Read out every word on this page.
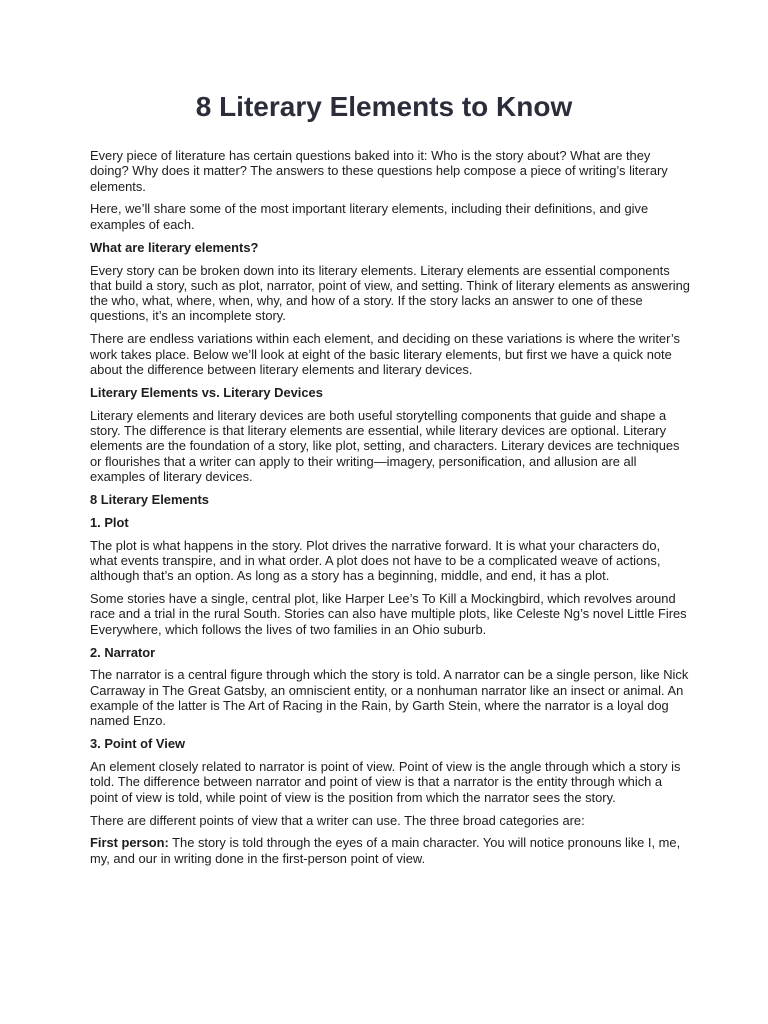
8 Literary Elements to Know

Every piece of literature has certain questions baked into it: Who is the story about? What are they doing? Why does it matter? The answers to these questions help compose a piece of writing’s literary elements.

Here, we’ll share some of the most important literary elements, including their definitions, and give examples of each.

What are literary elements?

Every story can be broken down into its literary elements. Literary elements are essential components that build a story, such as plot, narrator, point of view, and setting. Think of literary elements as answering the who, what, where, when, why, and how of a story. If the story lacks an answer to one of these questions, it’s an incomplete story.

There are endless variations within each element, and deciding on these variations is where the writer’s work takes place. Below we’ll look at eight of the basic literary elements, but first we have a quick note about the difference between literary elements and literary devices.

Literary Elements vs. Literary Devices

Literary elements and literary devices are both useful storytelling components that guide and shape a story. The difference is that literary elements are essential, while literary devices are optional. Literary elements are the foundation of a story, like plot, setting, and characters. Literary devices are techniques or flourishes that a writer can apply to their writing—imagery, personification, and allusion are all examples of literary devices.

8 Literary Elements

1. Plot

The plot is what happens in the story. Plot drives the narrative forward. It is what your characters do, what events transpire, and in what order. A plot does not have to be a complicated weave of actions, although that’s an option. As long as a story has a beginning, middle, and end, it has a plot.

Some stories have a single, central plot, like Harper Lee’s To Kill a Mockingbird, which revolves around race and a trial in the rural South. Stories can also have multiple plots, like Celeste Ng’s novel Little Fires Everywhere, which follows the lives of two families in an Ohio suburb.

2. Narrator

The narrator is a central figure through which the story is told. A narrator can be a single person, like Nick Carraway in The Great Gatsby, an omniscient entity, or a nonhuman narrator like an insect or animal. An example of the latter is The Art of Racing in the Rain, by Garth Stein, where the narrator is a loyal dog named Enzo.

3. Point of View

An element closely related to narrator is point of view. Point of view is the angle through which a story is told. The difference between narrator and point of view is that a narrator is the entity through which a point of view is told, while point of view is the position from which the narrator sees the story.

There are different points of view that a writer can use. The three broad categories are:

First person: The story is told through the eyes of a main character. You will notice pronouns like I, me, my, and our in writing done in the first-person point of view.
